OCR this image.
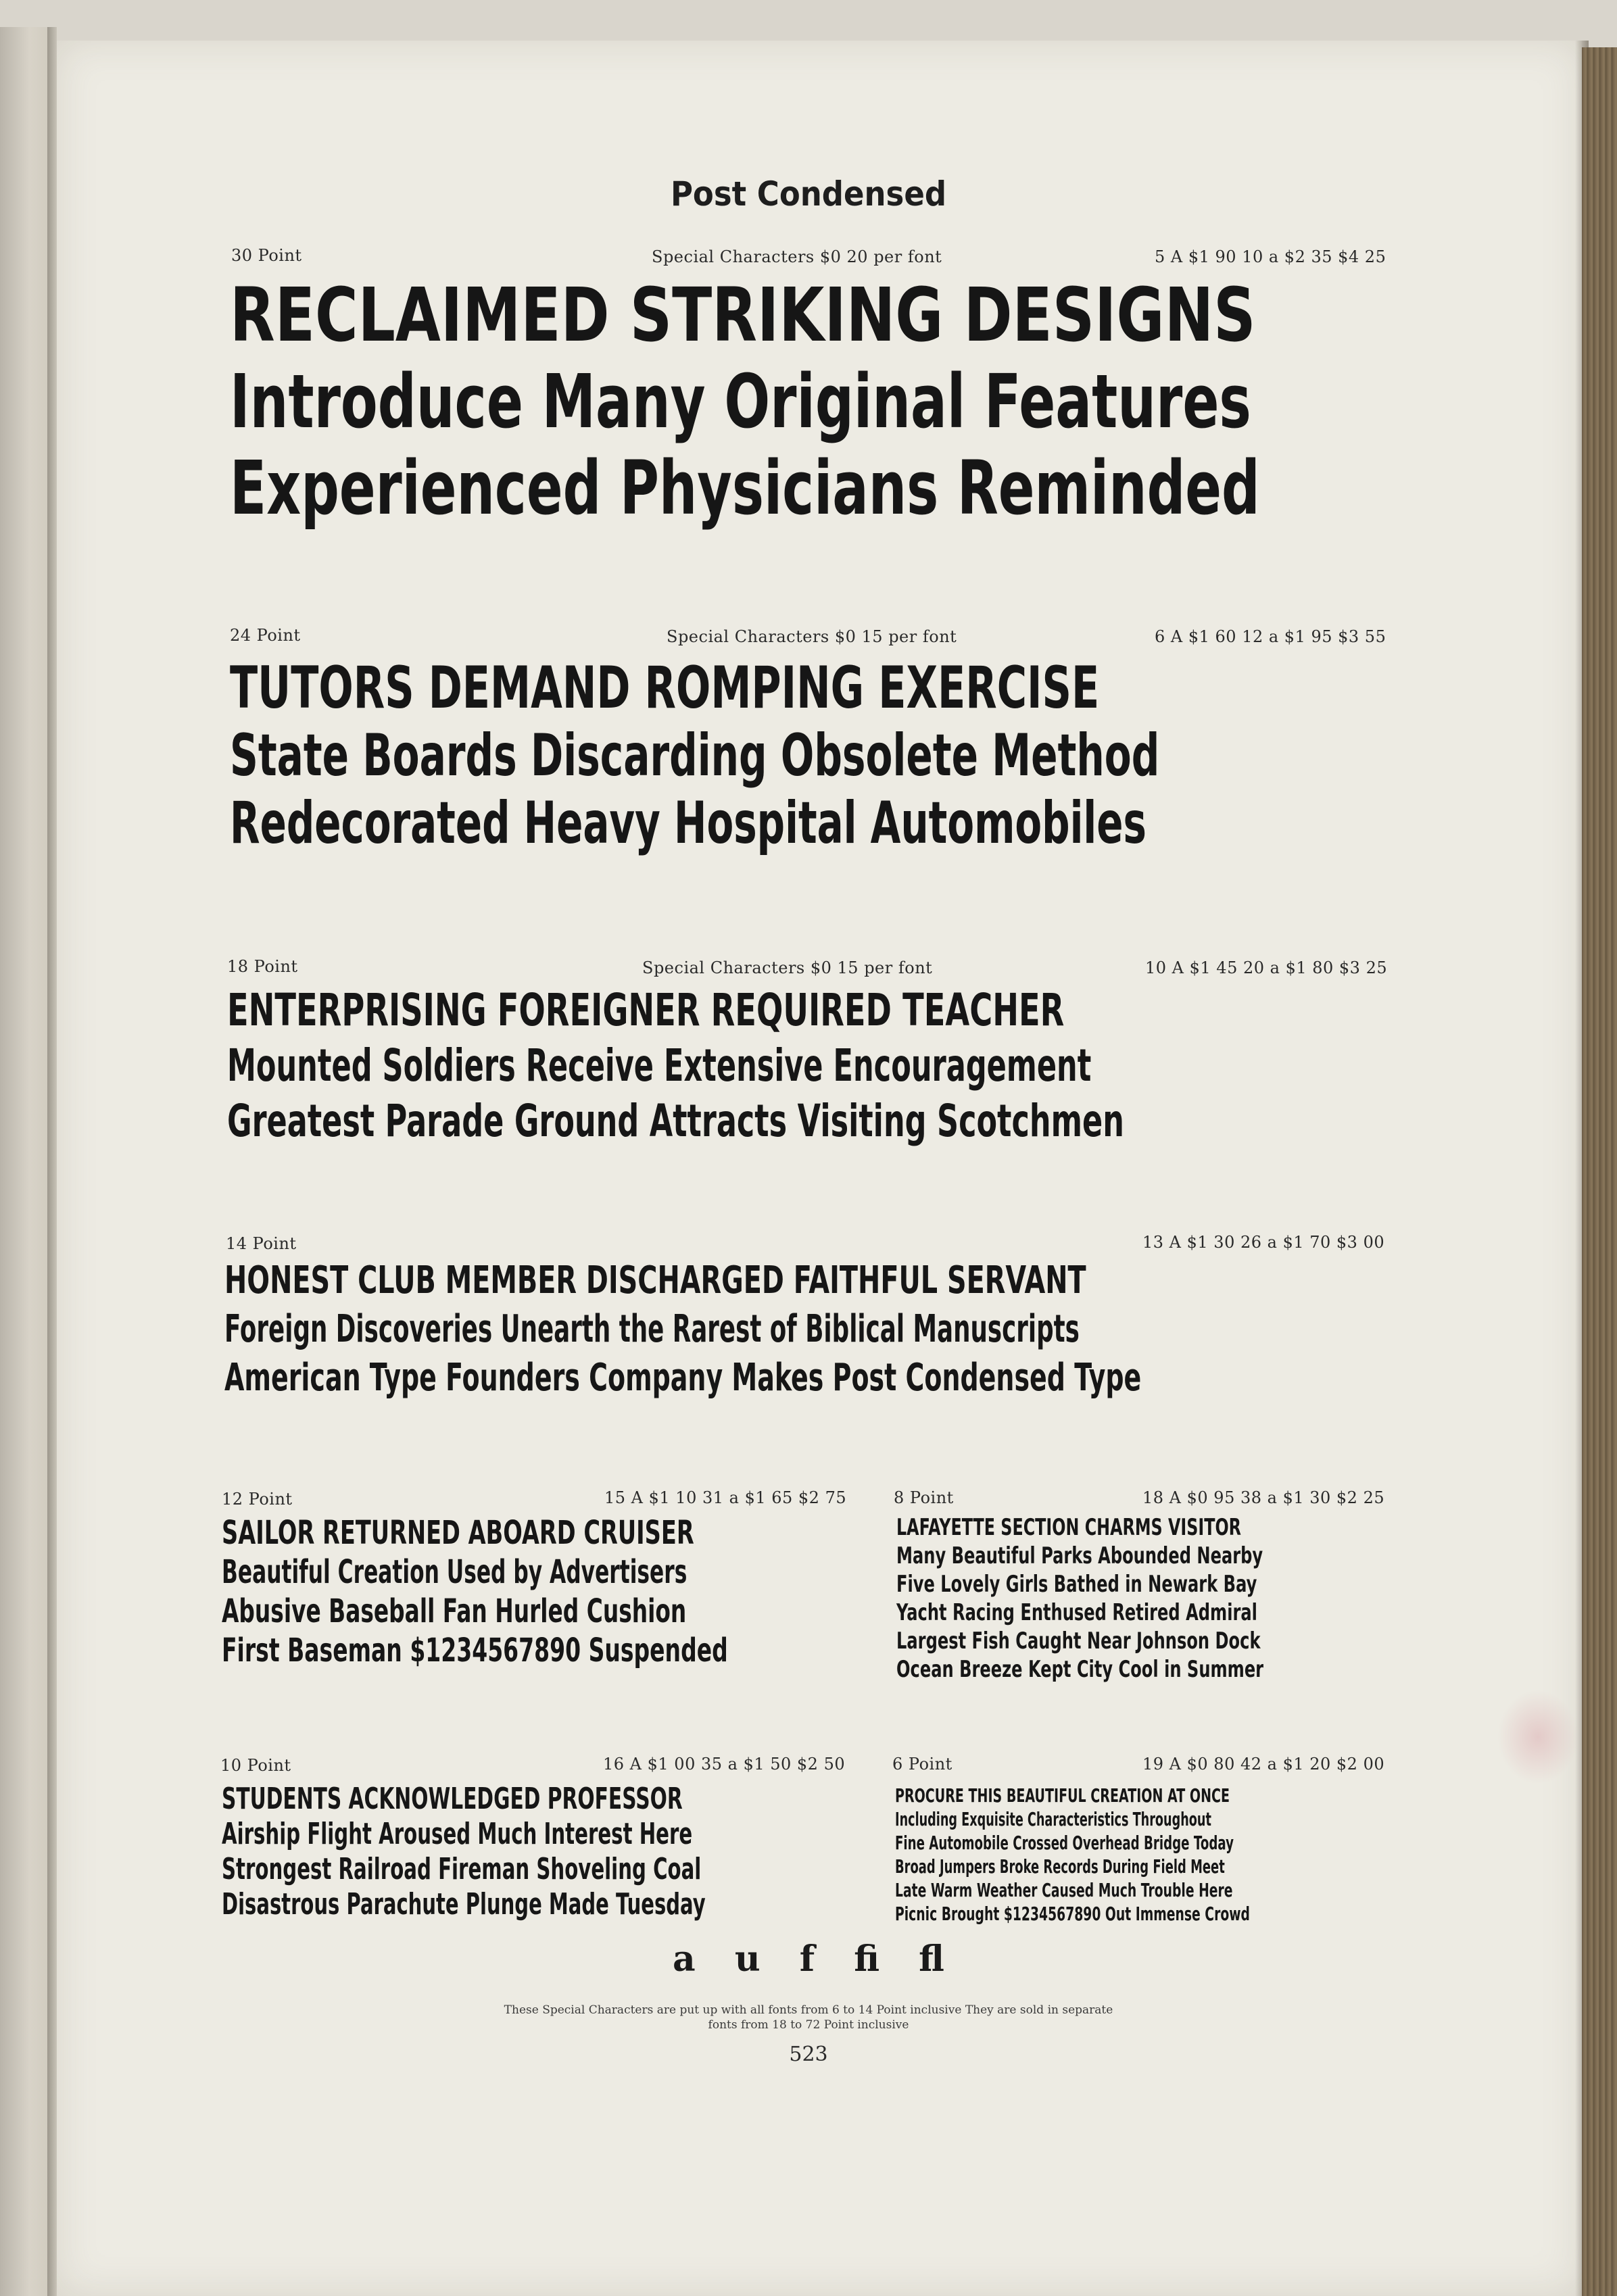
Post Condensed
30 Point	Special Characters $0 20 per font	5 A $1 90 10 a $2 35 $4 25
RECLAIMED STRIKING DESIGNS
Introduce Many Original Features
Experienced Physicians Reminded
24 Point	Special Characters $0 15 per font	6 A $1 60 12 a $1 95 $3 55
TUTORS DEMAND ROMPING EXERCISE
State Boards Discarding Obsolete Method
Redecorated Heavy Hospital Automobiles
18 Point	Special Characters $0 15 per font	10 A $1 45 20 a $1 80 $3 25
ENTERPRISING FOREIGNER REQUIRED TEACHER
Mounted Soldiers Receive Extensive Encouragement
Greatest Parade Ground Attracts Visiting Scotchmen
14 Point	13 A $1 30 26 a $1 70 $3 00
HONEST CLUB MEMBER DISCHARGED FAITHFUL SERVANT
Foreign Discoveries Unearth the Rarest of Biblical Manuscripts
American Type Founders Company Makes Post Condensed Type
12 Point	15 A $1 10 31 a $1 65 $2 75
SAILOR RETURNED ABOARD CRUISER
Beautiful Creation Used by Advertisers
Abusive Baseball Fan Hurled Cushion
First Baseman $1234567890 Suspended
8 Point	18 A $0 95 38 a $1 30 $2 25
LAFAYETTE SECTION CHARMS VISITOR
Many Beautiful Parks Abounded Nearby
Five Lovely Girls Bathed in Newark Bay
Yacht Racing Enthused Retired Admiral
Largest Fish Caught Near Johnson Dock
Ocean Breeze Kept City Cool in Summer
10 Point	16 A $1 00 35 a $1 50 $2 50
STUDENTS ACKNOWLEDGED PROFESSOR
Airship Flight Aroused Much Interest Here
Strongest Railroad Fireman Shoveling Coal
Disastrous Parachute Plunge Made Tuesday
6 Point	19 A $0 80 42 a $1 20 $2 00
PROCURE THIS BEAUTIFUL CREATION AT ONCE
Including Exquisite Characteristics Throughout
Fine Automobile Crossed Overhead Bridge Today
Broad Jumpers Broke Records During Field Meet
Late Warm Weather Caused Much Trouble Here
Picnic Brought $1234567890 Out Immense Crowd
a u f fi fl
These Special Characters are put up with all fonts from 6 to 14 Point inclusive They are sold in separate
fonts from 18 to 72 Point inclusive
523
